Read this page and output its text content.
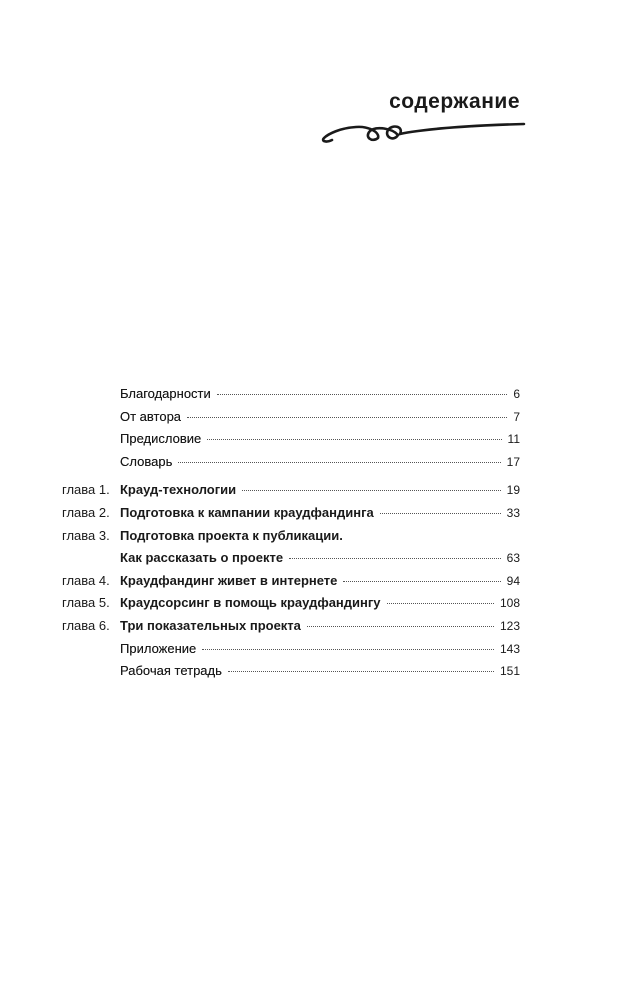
содержание
Благодарности	6
От автора	7
Предисловие	11
Словарь	17
глава 1. Крауд-технологии	19
глава 2. Подготовка к кампании краудфандинга	33
глава 3. Подготовка проекта к публикации.
Как рассказать о проекте	63
глава 4. Краудфандинг живет в интернете	94
глава 5. Краудсорсинг в помощь краудфандингу	108
глава 6. Три показательных проекта	123
Приложение	143
Рабочая тетрадь	151
